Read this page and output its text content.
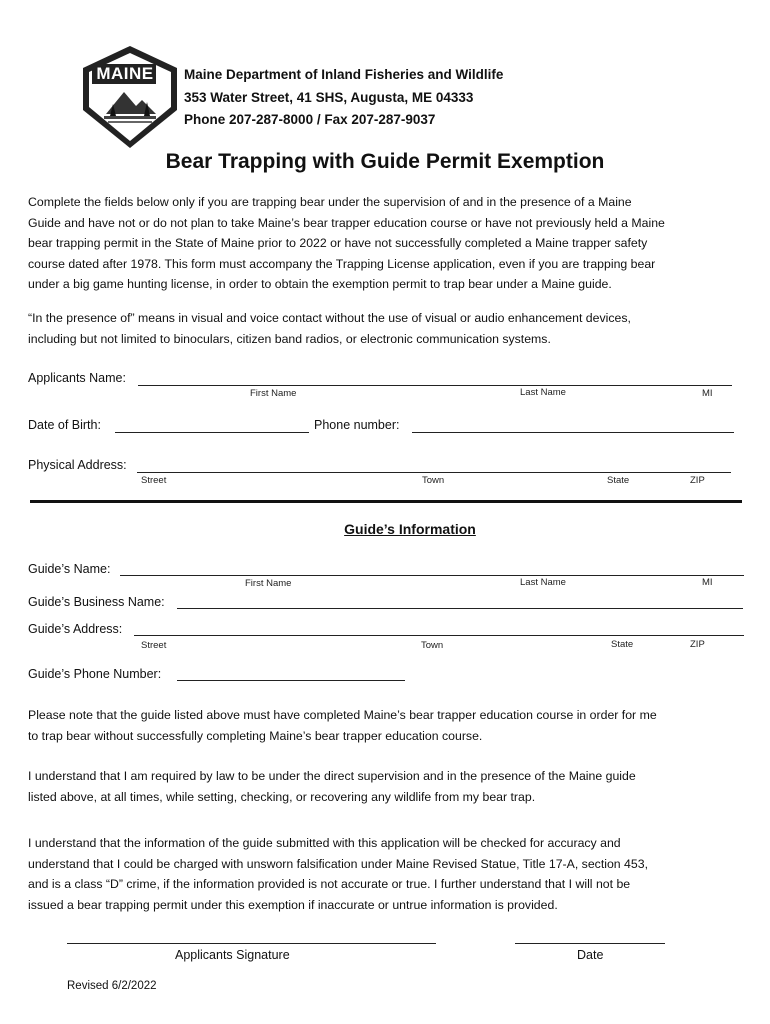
MAINE Maine Department of Inland Fisheries and Wildlife
353 Water Street, 41 SHS, Augusta, ME 04333
Phone 207-287-8000 / Fax 207-287-9037
Bear Trapping with Guide Permit Exemption
Complete the fields below only if you are trapping bear under the supervision of and in the presence of a Maine
Guide and have not or do not plan to take Maine’s bear trapper education course or have not previously held a Maine
bear trapping permit in the State of Maine prior to 2022 or have not successfully completed a Maine trapper safety
course dated after 1978. This form must accompany the Trapping License application, even if you are trapping bear
under a big game hunting license, in order to obtain the exemption permit to trap bear under a Maine guide.
“In the presence of” means in visual and voice contact without the use of visual or audio enhancement devices,
including but not limited to binoculars, citizen band radios, or electronic communication systems.
Applicants Name:
First Name	Last Name	MI
Date of Birth:	Phone number:
Physical Address:
Street	Town	State	ZIP
Guide’s Information
Guide’s Name:
First Name	Last Name	MI
Guide’s Business Name:
Guide’s Address:
Street	Town	State	ZIP
Guide’s Phone Number:
Please note that the guide listed above must have completed Maine’s bear trapper education course in order for me
to trap bear without successfully completing Maine’s bear trapper education course.
I understand that I am required by law to be under the direct supervision and in the presence of the Maine guide
listed above, at all times, while setting, checking, or recovering any wildlife from my bear trap.
I understand that the information of the guide submitted with this application will be checked for accuracy and
understand that I could be charged with unsworn falsification under Maine Revised Statue, Title 17-A, section 453,
and is a class “D” crime, if the information provided is not accurate or true. I further understand that I will not be
issued a bear trapping permit under this exemption if inaccurate or untrue information is provided.
Applicants Signature	Date
Revised 6/2/2022
